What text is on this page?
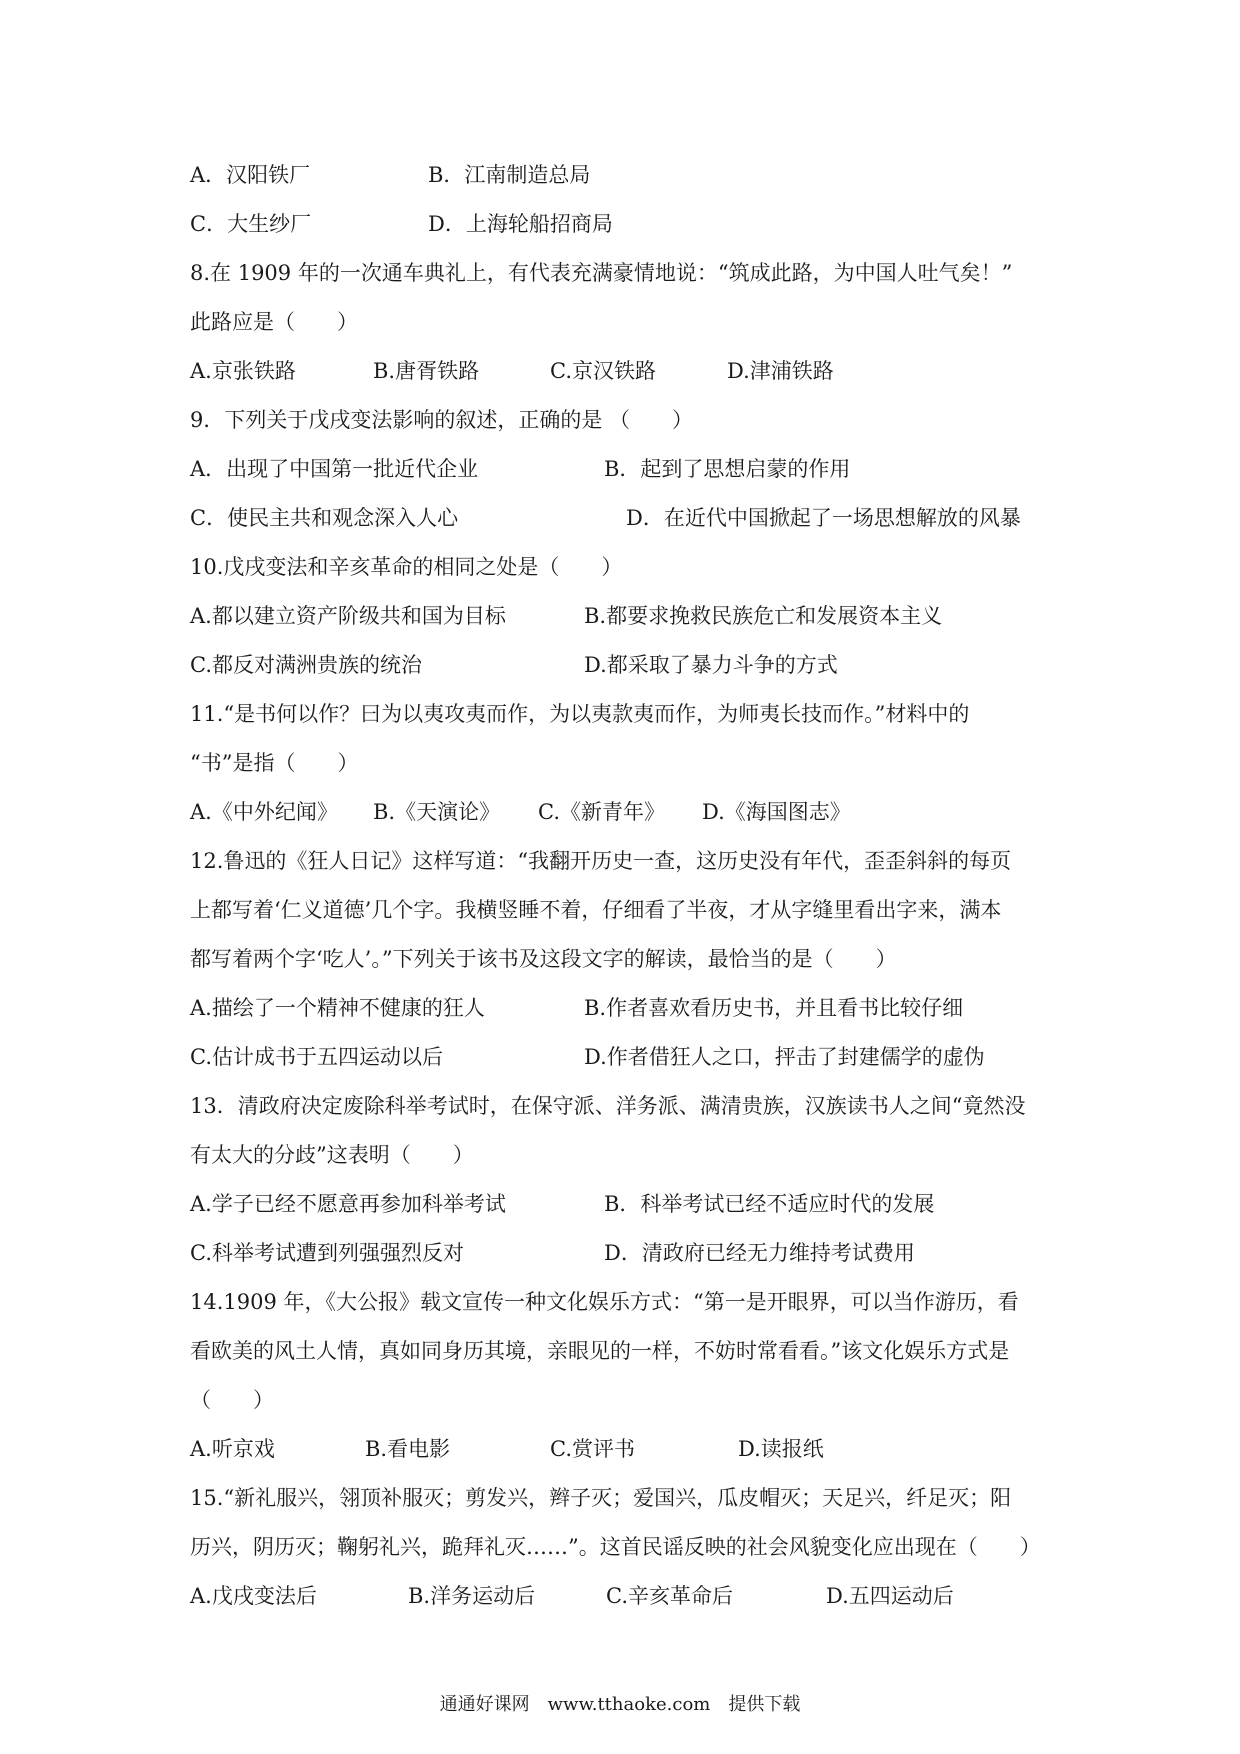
A．汉阳铁厂	B．江南制造总局
C．大生纱厂	D．上海轮船招商局
8.在 1909 年的一次通车典礼上，有代表充满豪情地说：“筑成此路，为中国人吐气矣！”
此路应是（　　）
A.京张铁路	B.唐胥铁路	C.京汉铁路	D.津浦铁路
9．下列关于戊戌变法影响的叙述，正确的是 （　　）
A．出现了中国第一批近代企业	B．起到了思想启蒙的作用
C．使民主共和观念深入人心	D．在近代中国掀起了一场思想解放的风暴
10.戊戌变法和辛亥革命的相同之处是（　　）
A.都以建立资产阶级共和国为目标	B.都要求挽救民族危亡和发展资本主义
C.都反对满洲贵族的统治	D.都采取了暴力斗争的方式
11.“是书何以作？曰为以夷攻夷而作，为以夷款夷而作，为师夷长技而作。”材料中的
“书”是指（　　）
A.《中外纪闻》 B.《天演论》 C.《新青年》 D.《海国图志》
12.鲁迅的《狂人日记》这样写道：“我翻开历史一查，这历史没有年代，歪歪斜斜的每页
上都写着‘仁义道德’几个字。我横竖睡不着，仔细看了半夜，才从字缝里看出字来，满本
都写着两个字‘吃人’。”下列关于该书及这段文字的解读，最恰当的是（　　）
A.描绘了一个精神不健康的狂人	B.作者喜欢看历史书，并且看书比较仔细
C.估计成书于五四运动以后	D.作者借狂人之口，抨击了封建儒学的虚伪
13．清政府决定废除科举考试时，在保守派、洋务派、满清贵族，汉族读书人之间“竟然没
有太大的分歧”这表明（　　）
A.学子已经不愿意再参加科举考试	B．科举考试已经不适应时代的发展
C.科举考试遭到列强强烈反对	D．清政府已经无力维持考试费用
14.1909 年，《大公报》载文宣传一种文化娱乐方式：“第一是开眼界，可以当作游历，看
看欧美的风土人情，真如同身历其境，亲眼见的一样，不妨时常看看。”该文化娱乐方式是
（　　）
A.听京戏	B.看电影	C.赏评书	D.读报纸
15.“新礼服兴，翎顶补服灭；剪发兴，辫子灭；爱国兴，瓜皮帽灭；天足兴，纤足灭；阳
历兴，阴历灭；鞠躬礼兴，跪拜礼灭……”。这首民谣反映的社会风貌变化应出现在（　　）
A.戊戌变法后	B.洋务运动后	C.辛亥革命后	D.五四运动后
通通好课网　www.tthaoke.com　提供下载
